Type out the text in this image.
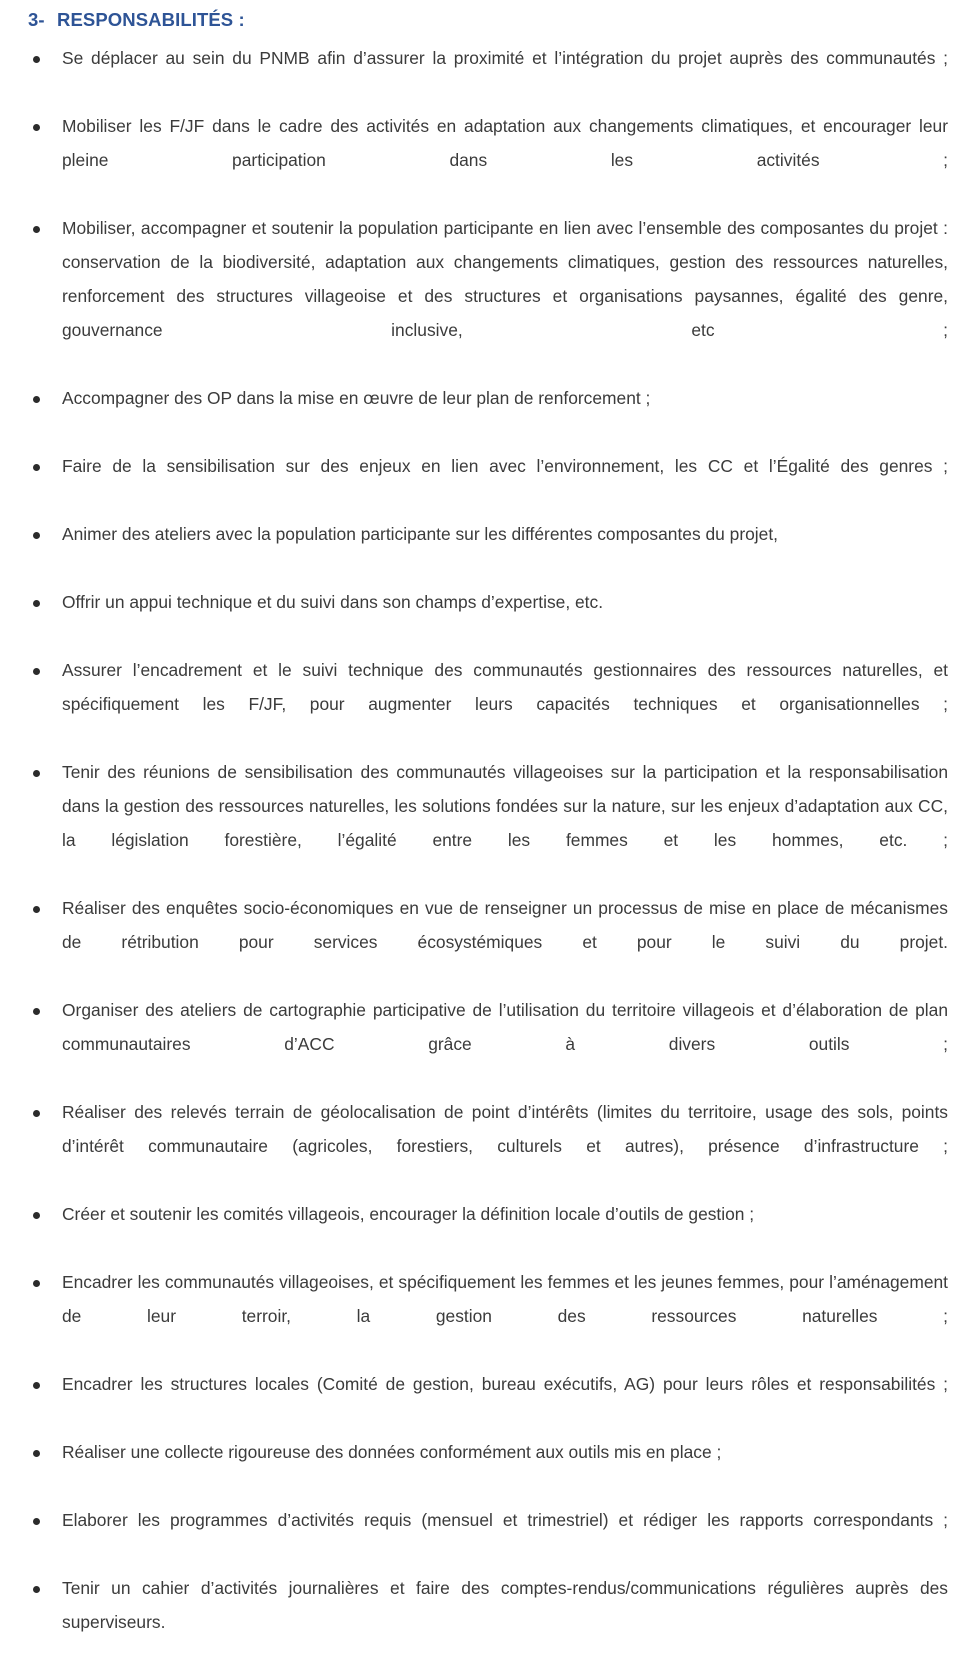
3- RESPONSABILITÉS :
Se déplacer au sein du PNMB afin d’assurer la proximité et l’intégration du projet auprès des communautés ;
Mobiliser les F/JF dans le cadre des activités en adaptation aux changements climatiques, et encourager leur pleine participation dans les activités ;
Mobiliser, accompagner et soutenir la population participante en lien avec l’ensemble des composantes du projet : conservation de la biodiversité, adaptation aux changements climatiques, gestion des ressources naturelles, renforcement des structures villageoise et des structures et organisations paysannes, égalité des genre, gouvernance inclusive, etc ;
Accompagner des OP dans la mise en œuvre de leur plan de renforcement ;
Faire de la sensibilisation sur des enjeux en lien avec l’environnement, les CC et l’Égalité des genres ;
Animer des ateliers avec la population participante sur les différentes composantes du projet,
Offrir un appui technique et du suivi dans son champs d’expertise, etc.
Assurer l’encadrement et le suivi technique des communautés gestionnaires des ressources naturelles, et spécifiquement les F/JF, pour augmenter leurs capacités techniques et organisationnelles ;
Tenir des réunions de sensibilisation des communautés villageoises sur la participation et la responsabilisation dans la gestion des ressources naturelles, les solutions fondées sur la nature, sur les enjeux d’adaptation aux CC, la législation forestière, l’égalité entre les femmes et les hommes, etc. ;
Réaliser des enquêtes socio-économiques en vue de renseigner un processus de mise en place de mécanismes de rétribution pour services écosystémiques et pour le suivi du projet.
Organiser des ateliers de cartographie participative de l’utilisation du territoire villageois et d’élaboration de plan communautaires d’ACC grâce à divers outils ;
Réaliser des relevés terrain de géolocalisation de point d’intérêts (limites du territoire, usage des sols, points d’intérêt communautaire (agricoles, forestiers, culturels et autres), présence d’infrastructure ;
Créer et soutenir les comités villageois, encourager la définition locale d’outils de gestion ;
Encadrer les communautés villageoises, et spécifiquement les femmes et les jeunes femmes, pour l’aménagement de leur terroir, la gestion des ressources naturelles ;
Encadrer les structures locales (Comité de gestion, bureau exécutifs, AG) pour leurs rôles et responsabilités ;
Réaliser une collecte rigoureuse des données conformément aux outils mis en place ;
Elaborer les programmes d’activités requis (mensuel et trimestriel) et rédiger les rapports correspondants ;
Tenir un cahier d’activités journalières et faire des comptes-rendus/communications régulières auprès des superviseurs.
